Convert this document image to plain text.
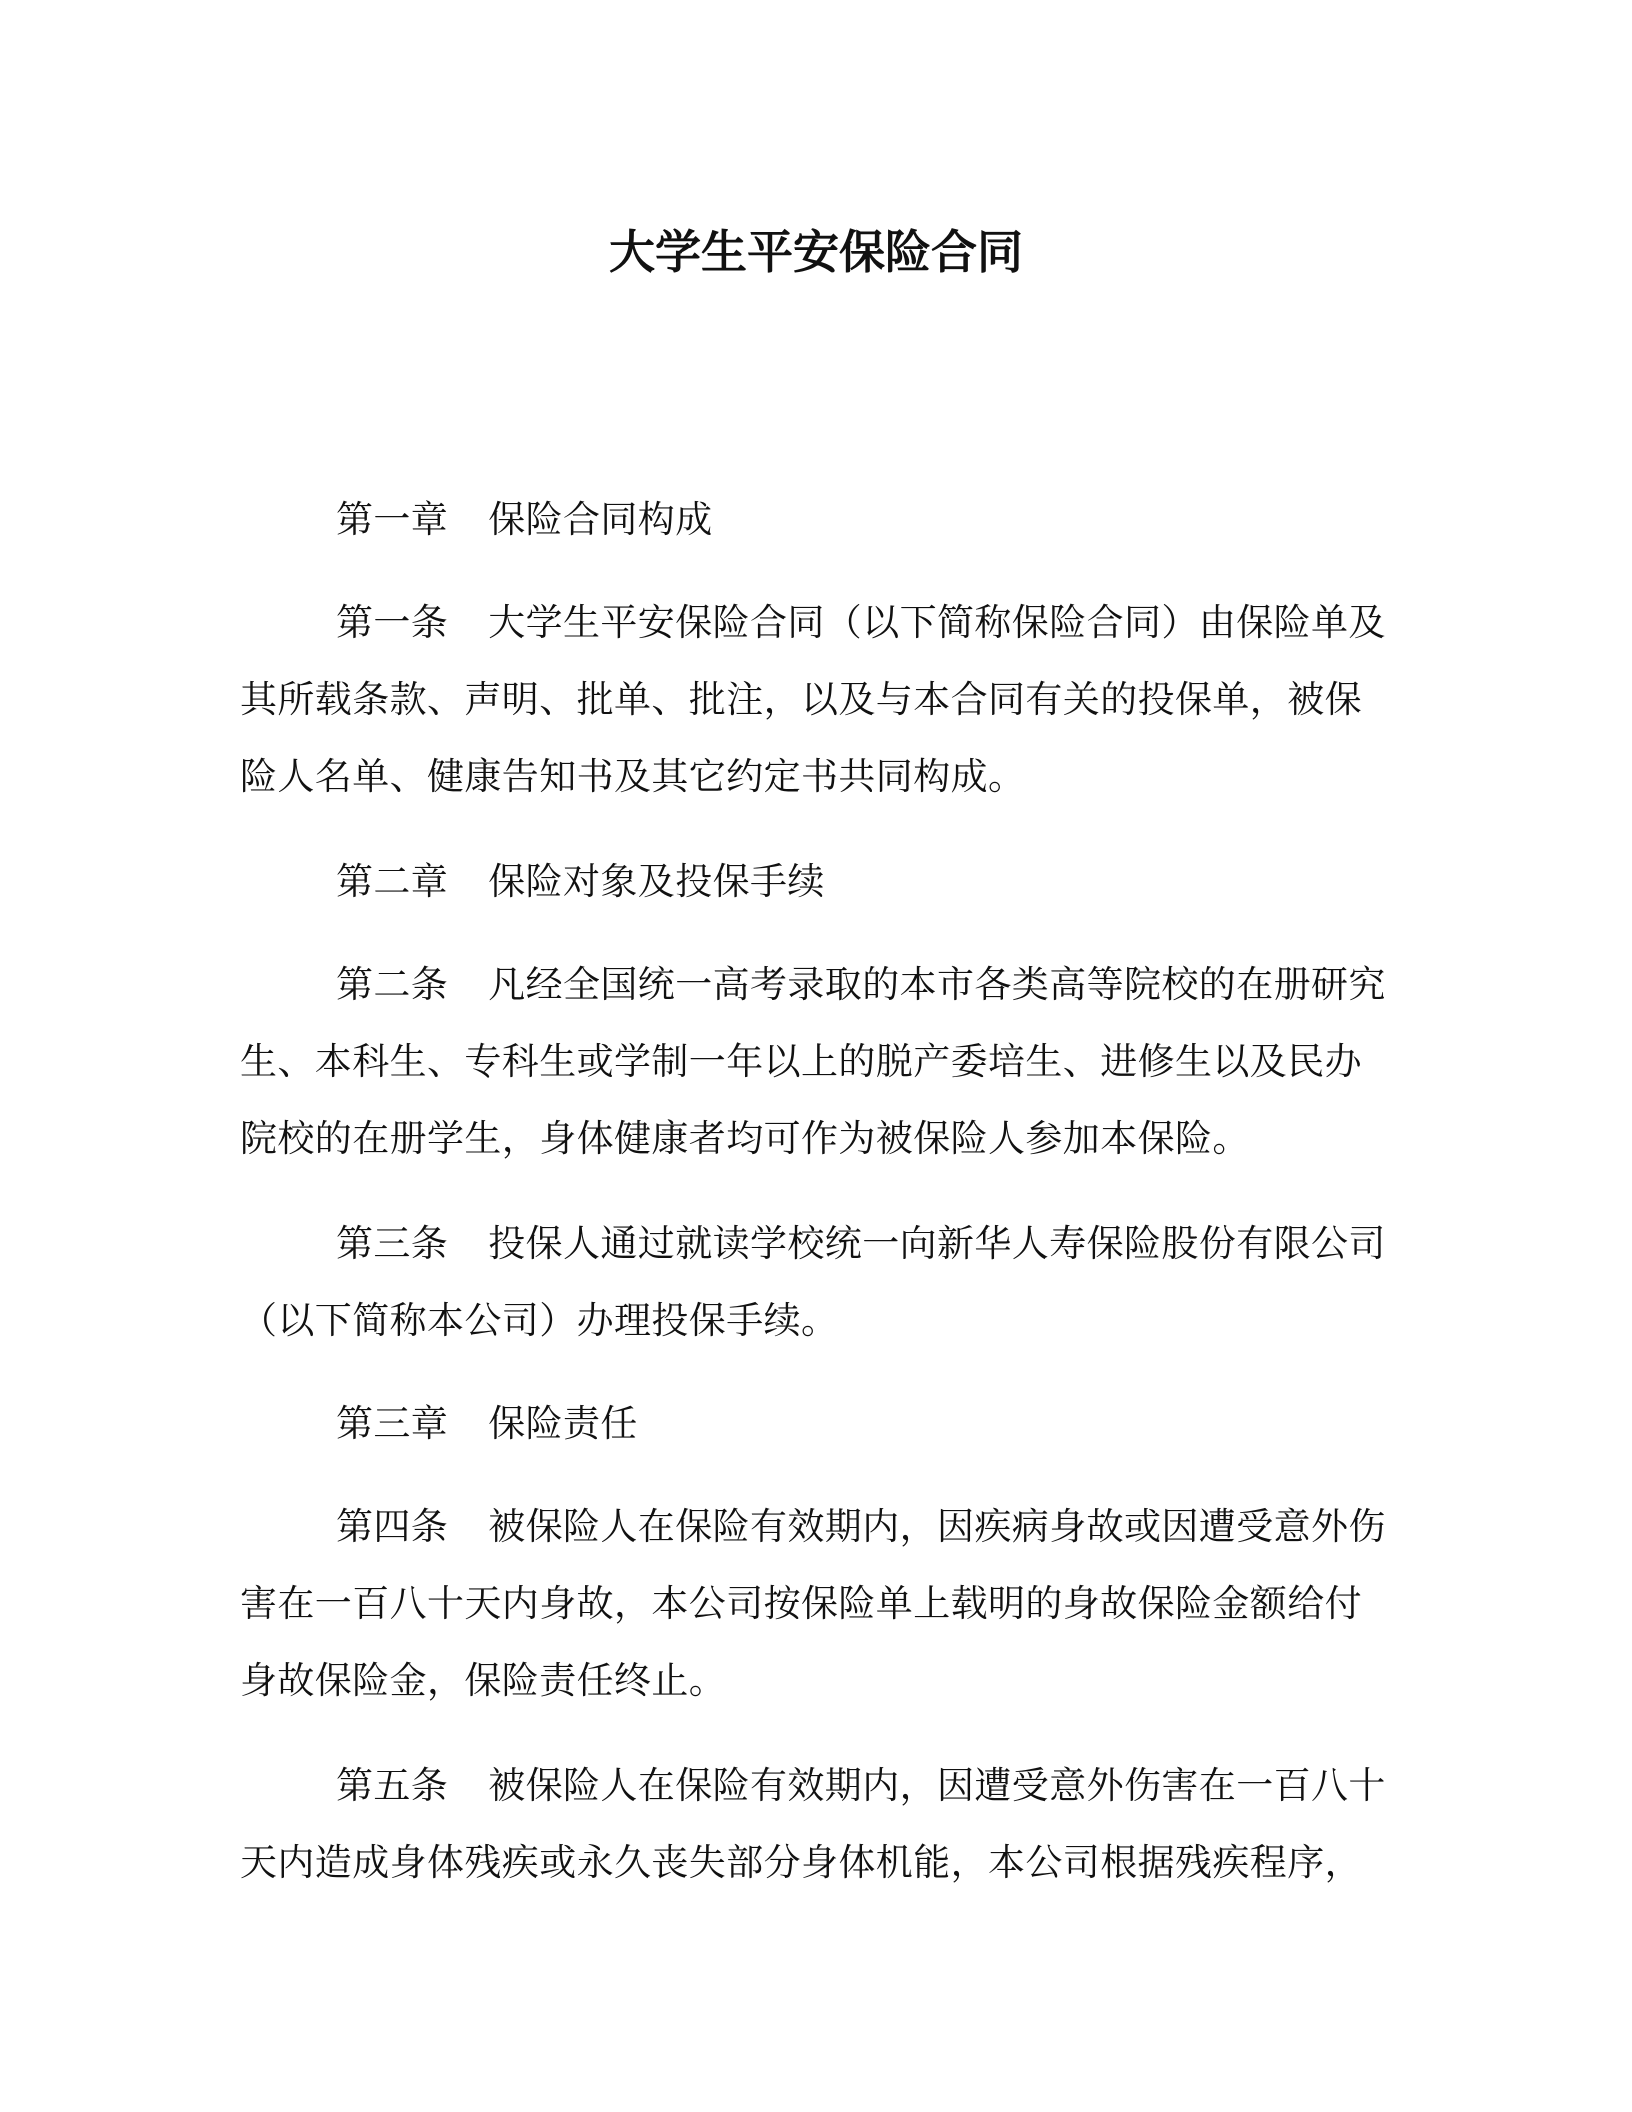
大学生平安保险合同

第一章 保险合同构成

第一条 大学生平安保险合同（以下简称保险合同）由保险单及其所载条款、声明、批单、批注，以及与本合同有关的投保单，被保险人名单、健康告知书及其它约定书共同构成。

第二章 保险对象及投保手续

第二条 凡经全国统一高考录取的本市各类高等院校的在册研究生、本科生、专科生或学制一年以上的脱产委培生、进修生以及民办院校的在册学生，身体健康者均可作为被保险人参加本保险。

第三条 投保人通过就读学校统一向新华人寿保险股份有限公司（以下简称本公司）办理投保手续。

第三章 保险责任

第四条 被保险人在保险有效期内，因疾病身故或因遭受意外伤害在一百八十天内身故，本公司按保险单上载明的身故保险金额给付身故保险金，保险责任终止。

第五条 被保险人在保险有效期内，因遭受意外伤害在一百八十天内造成身体残疾或永久丧失部分身体机能，本公司根据残疾程序，
